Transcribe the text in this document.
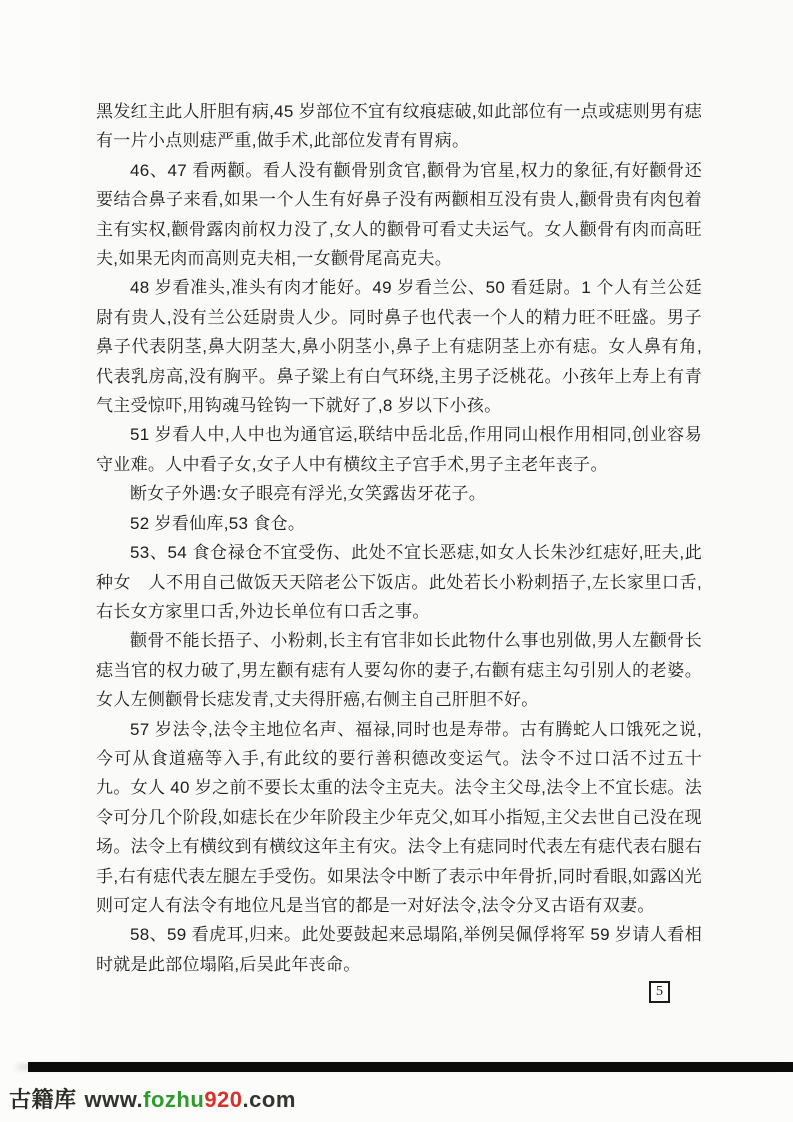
黑发红主此人肝胆有病,45 岁部位不宜有纹痕痣破,如此部位有一点或痣则男有痣有一片小点则痣严重,做手术,此部位发青有胃病。

46、47 看两颧。看人没有颧骨别贪官,颧骨为官星,权力的象征,有好颧骨还要结合鼻子来看,如果一个人生有好鼻子没有两颧相互没有贵人,颧骨贵有肉包着主有实权,颧骨露肉前权力没了,女人的颧骨可看丈夫运气。女人颧骨有肉而高旺夫,如果无肉而高则克夫相,一女颧骨尾高克夫。

48 岁看准头,准头有肉才能好。49 岁看兰公、50 看廷尉。1 个人有兰公廷尉有贵人,没有兰公廷尉贵人少。同时鼻子也代表一个人的精力旺不旺盛。男子鼻子代表阴茎,鼻大阴茎大,鼻小阴茎小,鼻子上有痣阴茎上亦有痣。女人鼻有角,代表乳房高,没有胸平。鼻子粱上有白气环绕,主男子泛桃花。小孩年上寿上有青气主受惊吓,用钩魂马铨钩一下就好了,8 岁以下小孩。

51 岁看人中,人中也为通官运,联结中岳北岳,作用同山根作用相同,创业容易守业难。人中看子女,女子人中有横纹主子宫手术,男子主老年丧子。

断女子外遇:女子眼亮有浮光,女笑露齿牙花子。

52 岁看仙库,53 食仓。

53、54 食仓禄仓不宜受伤、此处不宜长恶痣,如女人长朱沙红痣好,旺夫,此种女　人不用自己做饭天天陪老公下饭店。此处若长小粉刺捂子,左长家里口舌,右长女方家里口舌,外边长单位有口舌之事。

颧骨不能长捂子、小粉刺,长主有官非如长此物什么事也别做,男人左颧骨长痣当官的权力破了,男左颧有痣有人要勾你的妻子,右颧有痣主勾引别人的老婆。女人左侧颧骨长痣发青,丈夫得肝癌,右侧主自己肝胆不好。

57 岁法令,法令主地位名声、福禄,同时也是寿带。古有腾蛇人口饿死之说,今可从食道癌等入手,有此纹的要行善积德改变运气。法令不过口活不过五十九。女人 40 岁之前不要长太重的法令主克夫。法令主父母,法令上不宜长痣。法令可分几个阶段,如痣长在少年阶段主少年克父,如耳小指短,主父去世自己没在现场。法令上有横纹到有横纹这年主有灾。法令上有痣同时代表左有痣代表右腿右手,右有痣代表左腿左手受伤。如果法令中断了表示中年骨折,同时看眼,如露凶光则可定人有法令有地位凡是当官的都是一对好法令,法令分叉古语有双妻。

58、59 看虎耳,归来。此处要鼓起来忌塌陷,举例吴佩俘将军 59 岁请人看相时就是此部位塌陷,后吴此年丧命。

5
古籍库 www.fozhu920.com
